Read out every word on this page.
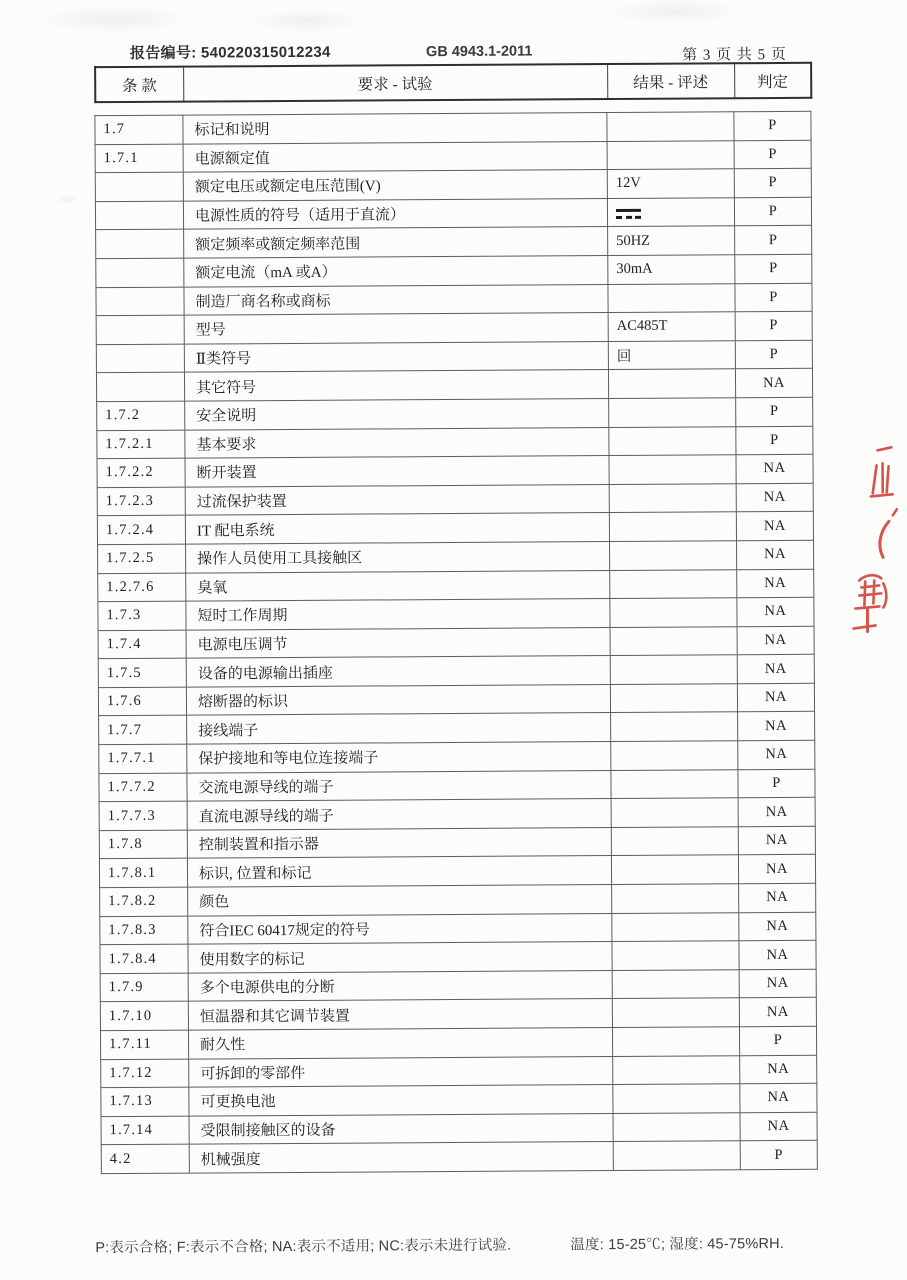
报告编号: 540220315012234	GB 4943.1-2011	第 3 页 共 5 页
条 款	要求 - 试验	结果 - 评述	判定
1.7	标记和说明		P
1.7.1	电源额定值		P
	额定电压或额定电压范围(V)	12V	P
	电源性质的符号（适用于直流）		P
	额定频率或额定频率范围	50HZ	P
	额定电流（mA 或A）	30mA	P
	制造厂商名称或商标		P
	型号	AC485T	P
	Ⅱ类符号	回	P
	其它符号		NA
1.7.2	安全说明		P
1.7.2.1	基本要求		P
1.7.2.2	断开装置		NA
1.7.2.3	过流保护装置		NA
1.7.2.4	IT 配电系统		NA
1.7.2.5	操作人员使用工具接触区		NA
1.2.7.6	臭氧		NA
1.7.3	短时工作周期		NA
1.7.4	电源电压调节		NA
1.7.5	设备的电源输出插座		NA
1.7.6	熔断器的标识		NA
1.7.7	接线端子		NA
1.7.7.1	保护接地和等电位连接端子		NA
1.7.7.2	交流电源导线的端子		P
1.7.7.3	直流电源导线的端子		NA
1.7.8	控制装置和指示器		NA
1.7.8.1	标识, 位置和标记		NA
1.7.8.2	颜色		NA
1.7.8.3	符合IEC 60417规定的符号		NA
1.7.8.4	使用数字的标记		NA
1.7.9	多个电源供电的分断		NA
1.7.10	恒温器和其它调节装置		NA
1.7.11	耐久性		P
1.7.12	可拆卸的零部件		NA
1.7.13	可更换电池		NA
1.7.14	受限制接触区的设备		NA
4.2	机械强度		P
P:表示合格; F:表示不合格; NA:表示不适用; NC:表示未进行试验.	温度: 15-25℃; 湿度: 45-75%RH.
